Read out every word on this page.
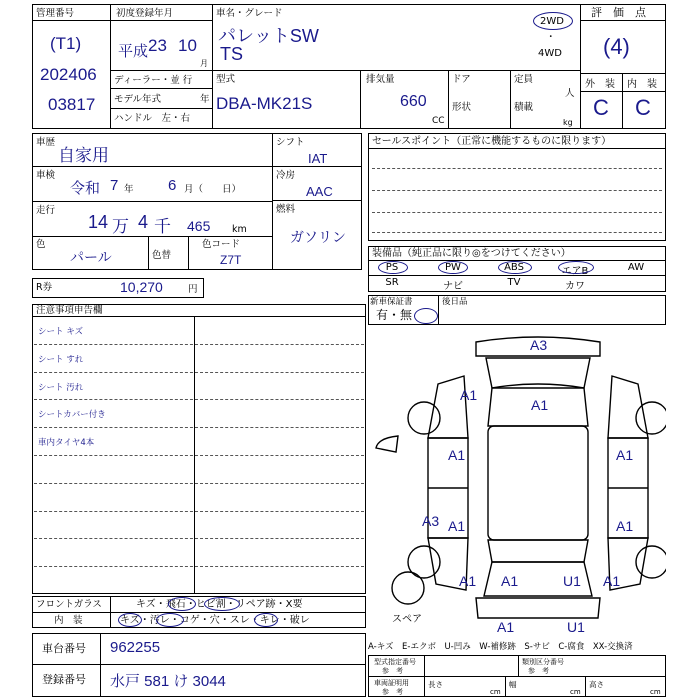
管理番号
(T1)
202406
03817
初度登録年月
平成 23 10
月
ディーラー・並 行
モデル年式	年
ハンドル　左・右
車名・グレード
パレットSW
TS
2WD
・
4WD
型式
DBA-MK21S
排気量
660
CC
ドア
形状
定員
人
積載
kg
評　価　点
(4)
外　装 内　装
C C
車歴
自家用
車検
令和 7 年 6 月（　　日）
走行
14 万 4 千 465 km
色
パール	色替
色コード
Z7T
シフト
IAT
冷房
AAC
燃料
ガソリン
R券	10,270	円
セールスポイント（正常に機能するものに限ります）
装備品（純正品に限り◎をつけてください）
PS	PW	ABS	エアB	AW
SR	ナビ	TV	カワ
新車保証書
有・無
後日品
注意事項申告欄
シート キズ
シート すれ
シート 汚れ
シートカバー付き
車内タイヤ4本
フロントガラス	キズ・飛石・ヒビ割・リペア跡・X要
内　装	キズ・汚レ・コゲ・穴・スレ・キレ・破レ
A3
A1
A1
A1	A1
A3 A1	A1
A1 A1	U1 A1
U1
A1
スペア
A-キズ　E-エクボ　U-凹み　W-補修跡　S-サビ　C-腐食　XX-交換済
車台番号 962255
登録番号 水戸 581 け 3044
型式指定番号
参　考
類別区分番号
参　考
車両証明用
参　考
長さ
cm
幅
cm
高さ
cm
